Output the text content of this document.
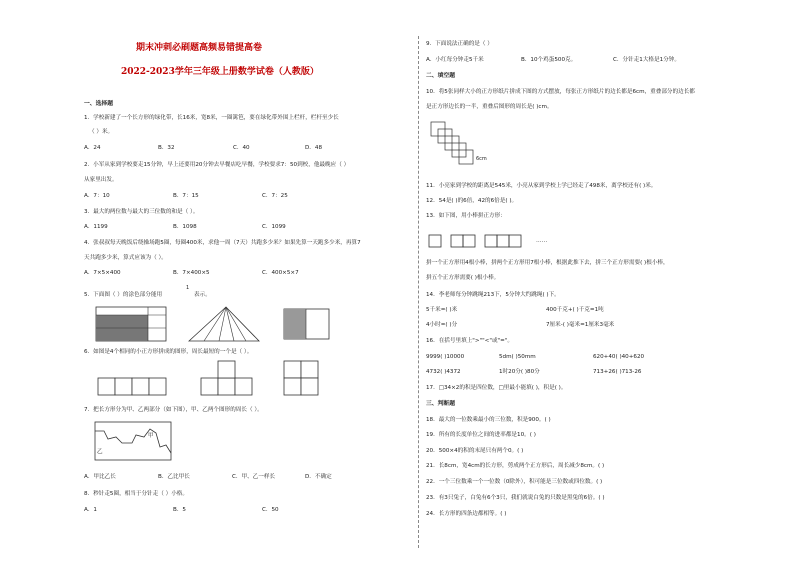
期末冲刺必刷题高频易错提高卷
2022-2023学年三年级上册数学试卷（人教版）
一、选择题
1．学校新建了一个长方形的绿化带，长16米，宽8米，一圈篱笆，要在绿化带外围上栏杆，栏杆至少长
（ ）米。
A．24	B．32	C．40	D．48
2．小军从家到学校要走15分钟，早上还要用20分钟去早餐店吃早餐，学校要求7：50到校，他最晚应（ ）
从家里出发。
A．7：10	B．7：15	C．7：25
3．最大的两位数与最大的三位数的和是（ ）。
A．1199	B．1098	C．1099
4．张叔叔每天晚饭后绕操场跑5圈，每圈400米，求他一周（7天）共跑多少米？如果先算一天跑多少米，再算7
天共跑多少米，算式应该为（ ）。
A．7×5×400	B．7×400×5	C．400×5×7
5．下面图（ ）的涂色部分能用
1
表示。
6．如图是4个相同的小正方形拼成的图形，周长最短的一个是（ ）。
7．把长方形分为甲、乙两部分（如下图），甲、乙两个图形的周长（ ）。
甲
乙
A．甲比乙长	B．乙比甲长	C．甲、乙一样长	D．不确定
8．秒针走5圈，相当于分针走（ ）小格。
A．1	B．5	C．50
9．下面说法正确的是（ ）
A．小红每分钟走5千米	B．10个鸡蛋500克。	C．分针走1大格是1分钟。
二、填空题
10．将5张同样大小的正方形纸片拼成下图的方式摆放，每张正方形纸片的边长都是6cm，重叠部分的边长都
是正方形边长的一半，重叠后图形的周长是( )cm。
6cm
11．小亮家到学校的距离是545米，小亮从家到学校上学已经走了498米，离学校还有( )米。
12．54是( )的6倍，42的6倍是( )。
13．如下图，用小棒拼正方形：
……
拼一个正方形用4根小棒，拼两个正方形用7根小棒，根据此推下去，拼三个正方形需要( )根小棒，
拼五个正方形需要( )根小棒。
14．李老师每分钟跳绳213下，5分钟大约跳绳( )下。
5千米=( )米	400千克+( )千克=1吨
4小时=( )分	7厘米-( )毫米=1厘米3毫米
16．在括号里填上">""<"或"="。
9999( )10000	5dm( )50mm	620+40( )40+620
4732( )4372	1时20分( )80分	713+26( )713-26
17．□34×2的积是四位数，□里最小能填( )，积是( )。
三、判断题
18．最大的一位数乘最小的三位数，积是900。( )
19．所有的长度单位之间的进率都是10。( )
20．500×4的积的末尾只有两个0。( )
21．长8cm，宽4cm的长方形，剪成两个正方形后，周长减少8cm。( )
22．一个三位数乘一个一位数（0除外），积可能是三位数或四位数。( )
23．有3只兔子，白兔有6个3只，我们就说白兔的只数是黑兔的6倍。( )
24．长方形的四条边都相等。( )
